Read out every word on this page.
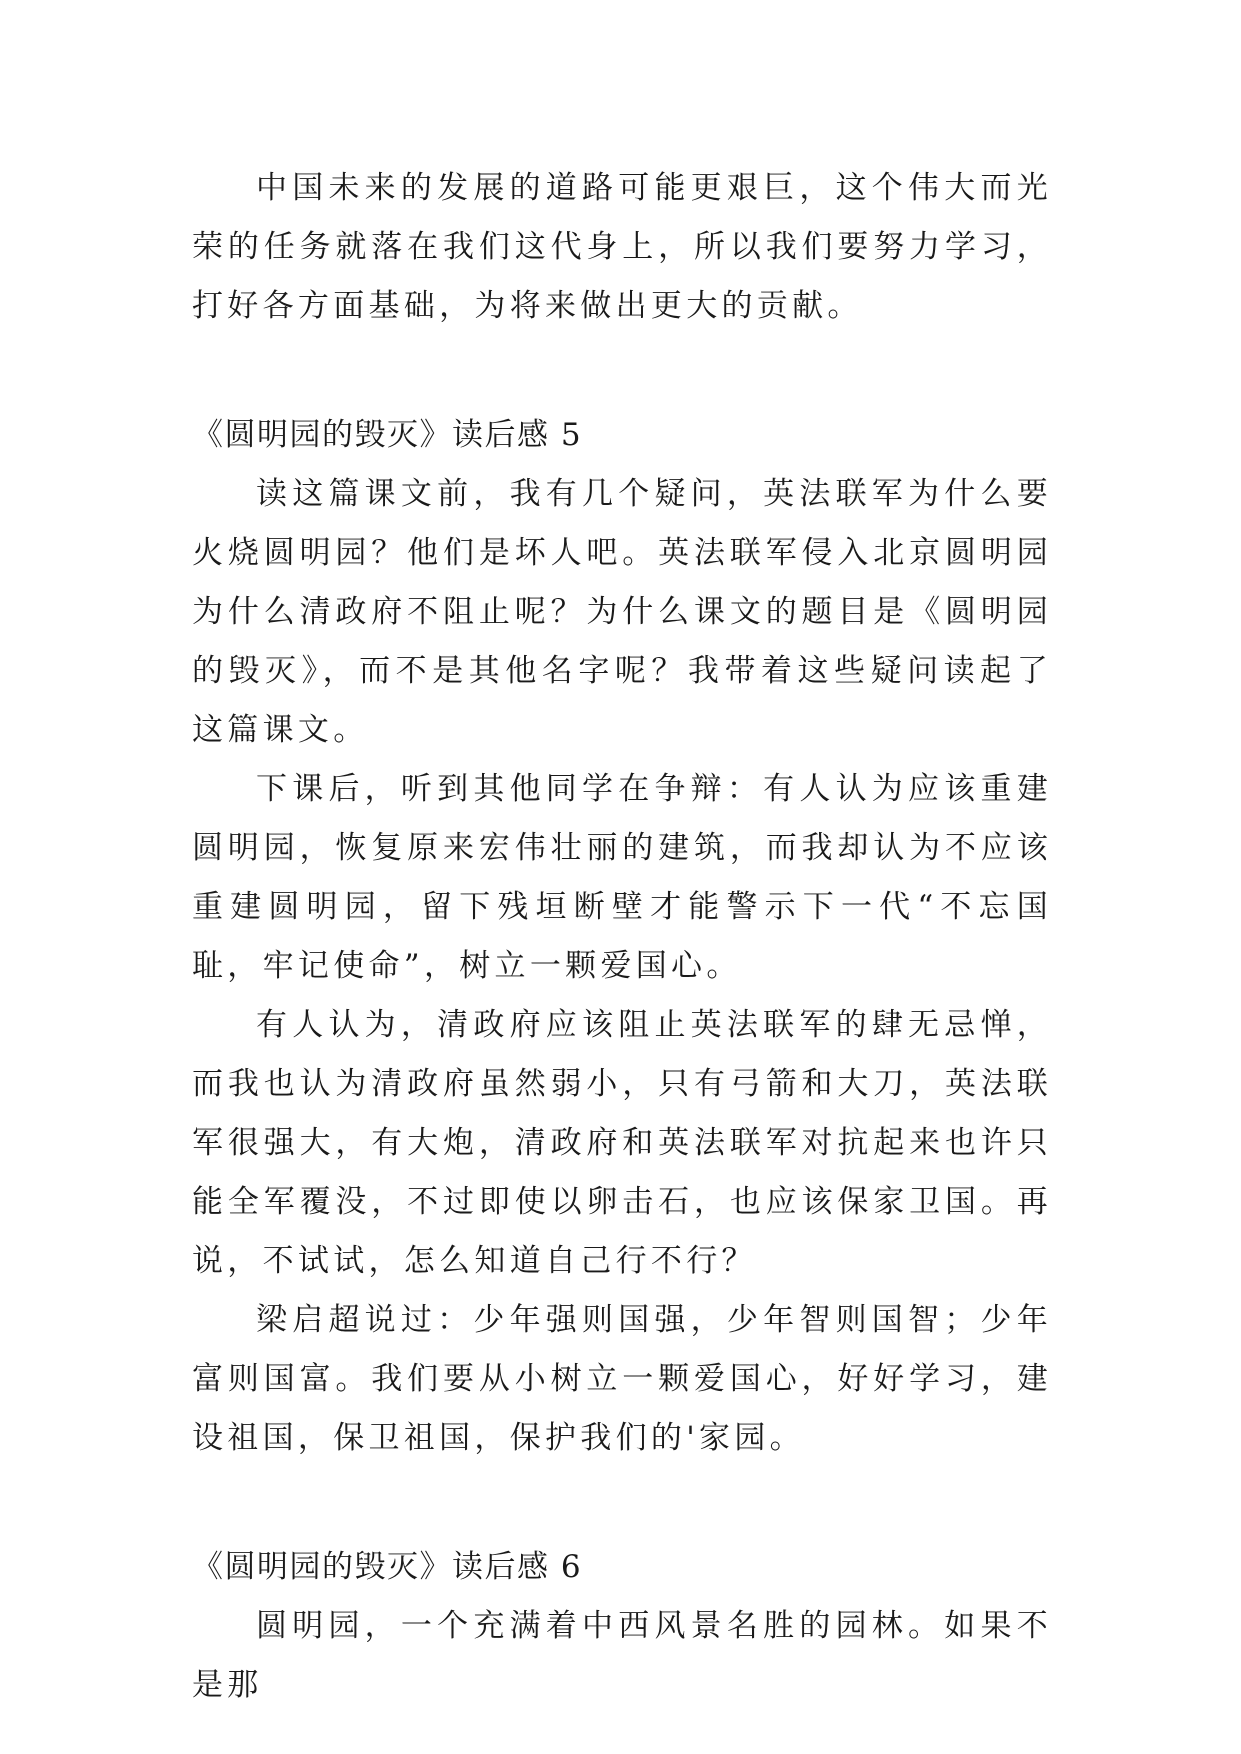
中国未来的发展的道路可能更艰巨，这个伟大而光荣的任务就落在我们这代身上，所以我们要努力学习，打好各方面基础，为将来做出更大的贡献。

《圆明园的毁灭》读后感 5

读这篇课文前，我有几个疑问，英法联军为什么要火烧圆明园？他们是坏人吧。英法联军侵入北京圆明园为什么清政府不阻止呢？为什么课文的题目是《圆明园的毁灭》，而不是其他名字呢？我带着这些疑问读起了这篇课文。

下课后，听到其他同学在争辩：有人认为应该重建圆明园，恢复原来宏伟壮丽的建筑，而我却认为不应该重建圆明园，留下残垣断壁才能警示下一代“不忘国耻，牢记使命”，树立一颗爱国心。

有人认为，清政府应该阻止英法联军的肆无忌惮，而我也认为清政府虽然弱小，只有弓箭和大刀，英法联军很强大，有大炮，清政府和英法联军对抗起来也许只能全军覆没，不过即使以卵击石，也应该保家卫国。再说，不试试，怎么知道自己行不行？

梁启超说过：少年强则国强，少年智则国智；少年富则国富。我们要从小树立一颗爱国心，好好学习，建设祖国，保卫祖国，保护我们的'家园。

《圆明园的毁灭》读后感 6

圆明园，一个充满着中西风景名胜的园林。如果不是那
